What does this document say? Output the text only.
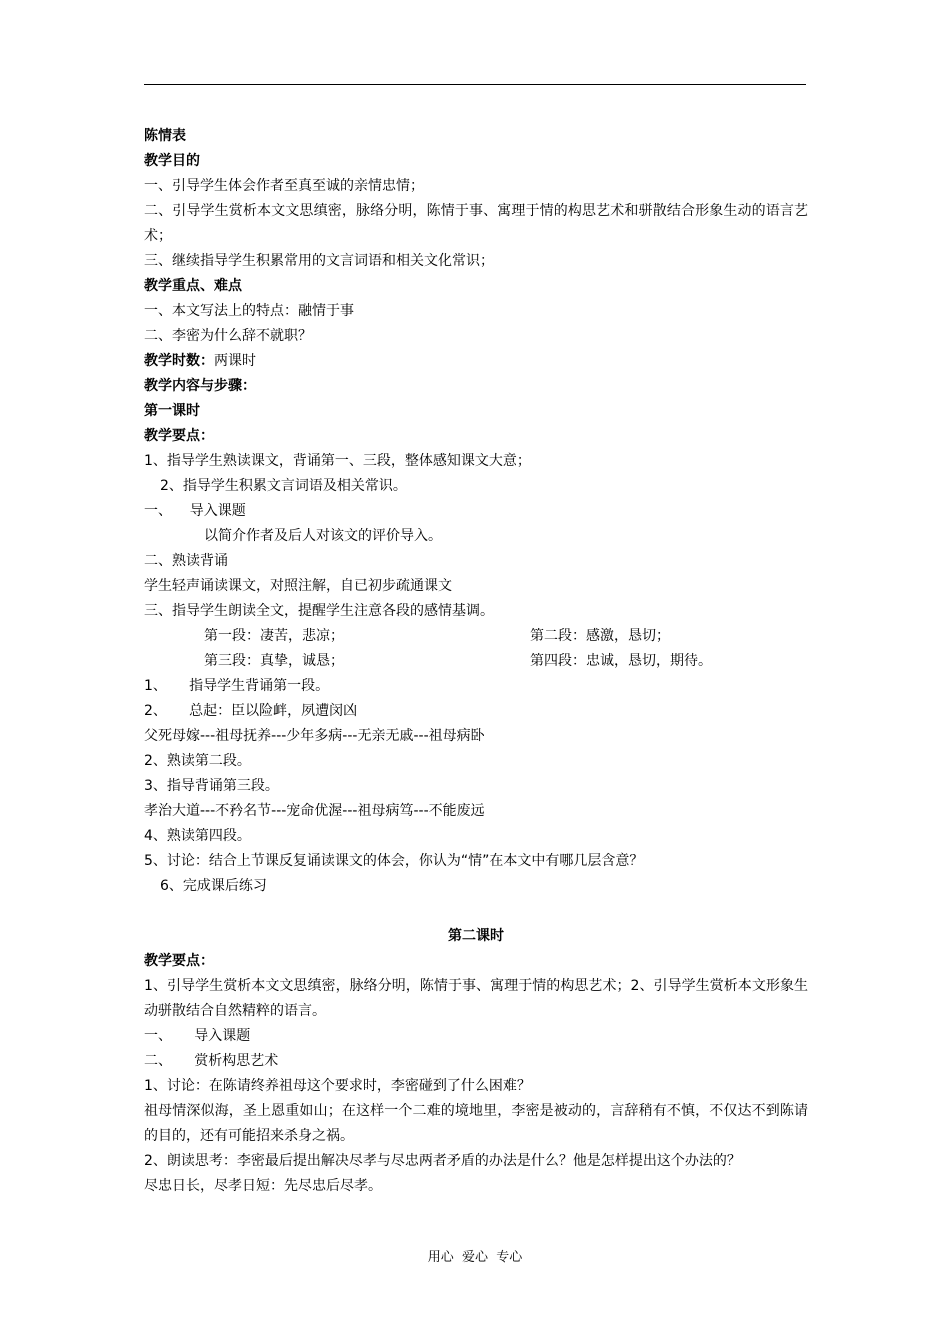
陈情表
教学目的
一、引导学生体会作者至真至诚的亲情忠情；
二、引导学生赏析本文文思缜密，脉络分明，陈情于事、寓理于情的构思艺术和骈散结合形象生动的语言艺术；
三、继续指导学生积累常用的文言词语和相关文化常识；
教学重点、难点
一、本文写法上的特点：融情于事
二、李密为什么辞不就职？
教学时数：两课时
教学内容与步骤：
第一课时
教学要点：
1、指导学生熟读课文，背诵第一、三段，整体感知课文大意；
2、指导学生积累文言词语及相关常识。
一、    导入课题
以简介作者及后人对该文的评价导入。
二、熟读背诵
学生轻声诵读课文，对照注解，自已初步疏通课文
三、指导学生朗读全文，提醒学生注意各段的感情基调。
第一段：凄苦，悲凉；	第二段：感激，恳切；
第三段：真挚，诚恳；	第四段：忠诚，恳切，期待。
1、     指导学生背诵第一段。
2、     总起：臣以险衅，夙遭闵凶
父死母嫁---祖母抚养---少年多病---无亲无戚---祖母病卧
2、熟读第二段。
3、指导背诵第三段。
孝治大道---不矜名节---宠命优渥---祖母病笃---不能废远
4、熟读第四段。
5、讨论：结合上节课反复诵读课文的体会，你认为“情”在本文中有哪几层含意？
6、完成课后练习
第二课时
教学要点：
1、引导学生赏析本文文思缜密，脉络分明，陈情于事、寓理于情的构思艺术；2、引导学生赏析本文形象生动骈散结合自然精粹的语言。
一、     导入课题
二、     赏析构思艺术
1、讨论：在陈请终养祖母这个要求时，李密碰到了什么困难？
祖母情深似海，圣上恩重如山；在这样一个二难的境地里，李密是被动的，言辞稍有不慎，不仅达不到陈请的目的，还有可能招来杀身之祸。
2、朗读思考：李密最后提出解决尽孝与尽忠两者矛盾的办法是什么？他是怎样提出这个办法的？
尽忠日长，尽孝日短：先尽忠后尽孝。
用心  爱心  专心
